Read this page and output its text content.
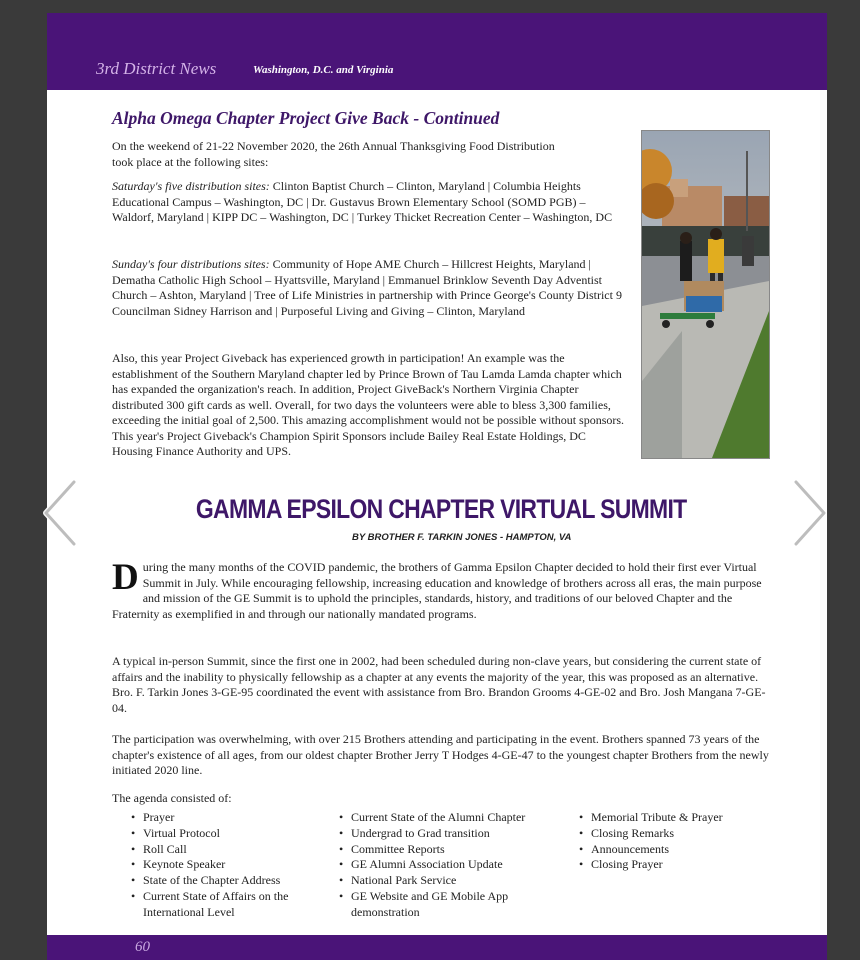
3rd District News	Washington, D.C. and Virginia
Alpha Omega Chapter Project Give Back - Continued

On the weekend of 21-22 November 2020, the 26th Annual Thanksgiving Food Distribution took place at the following sites:

Saturday's five distribution sites: Clinton Baptist Church – Clinton, Maryland | Columbia Heights Educational Campus – Washington, DC | Dr. Gustavus Brown Elementary School (SOMD PGB) – Waldorf, Maryland | KIPP DC – Washington, DC | Turkey Thicket Recreation Center – Washington, DC

Sunday's four distributions sites: Community of Hope AME Church – Hillcrest Heights, Maryland | Dematha Catholic High School – Hyattsville, Maryland | Emmanuel Brinklow Seventh Day Adventist Church – Ashton, Maryland | Tree of Life Ministries in partnership with Prince George's County District 9 Councilman Sidney Harrison and | Purposeful Living and Giving – Clinton, Maryland

Also, this year Project Giveback has experienced growth in participation! An example was the establishment of the Southern Maryland chapter led by Prince Brown of Tau Lamda Lamda chapter which has expanded the organization's reach. In addition, Project GiveBack's Northern Virginia Chapter distributed 300 gift cards as well. Overall, for two days the volunteers were able to bless 3,300 families, exceeding the initial goal of 2,500. This amazing accomplishment would not be possible without sponsors. This year's Project Giveback's Champion Spirit Sponsors include Bailey Real Estate Holdings, DC Housing Finance Authority and UPS.

GAMMA EPSILON CHAPTER VIRTUAL SUMMIT

BY BROTHER F. TARKIN JONES - HAMPTON, VA

During the many months of the COVID pandemic, the brothers of Gamma Epsilon Chapter decided to hold their first ever Virtual Summit in July. While encouraging fellowship, increasing education and knowledge of brothers across all eras, the main purpose and mission of the GE Summit is to uphold the principles, standards, history, and traditions of our beloved Chapter and the Fraternity as exemplified in and through our nationally mandated programs.

A typical in-person Summit, since the first one in 2002, had been scheduled during non-clave years, but considering the current state of affairs and the inability to physically fellowship as a chapter at any events the majority of the year, this was proposed as an alternative. Bro. F. Tarkin Jones 3-GE-95 coordinated the event with assistance from Bro. Brandon Grooms 4-GE-02 and Bro. Josh Mangana 7-GE-04.

The participation was overwhelming, with over 215 Brothers attending and participating in the event. Brothers spanned 73 years of the chapter's existence of all ages, from our oldest chapter Brother Jerry T Hodges 4-GE-47 to the youngest chapter Brothers from the newly initiated 2020 line.

The agenda consisted of:

• Prayer
• Virtual Protocol
• Roll Call
• Keynote Speaker
• State of the Chapter Address
• Current State of Affairs on the International Level
• Current State of the Alumni Chapter
• Undergrad to Grad transition
• Committee Reports
• GE Alumni Association Update
• National Park Service
• GE Website and GE Mobile App demonstration
• Memorial Tribute & Prayer
• Closing Remarks
• Announcements
• Closing Prayer
60
